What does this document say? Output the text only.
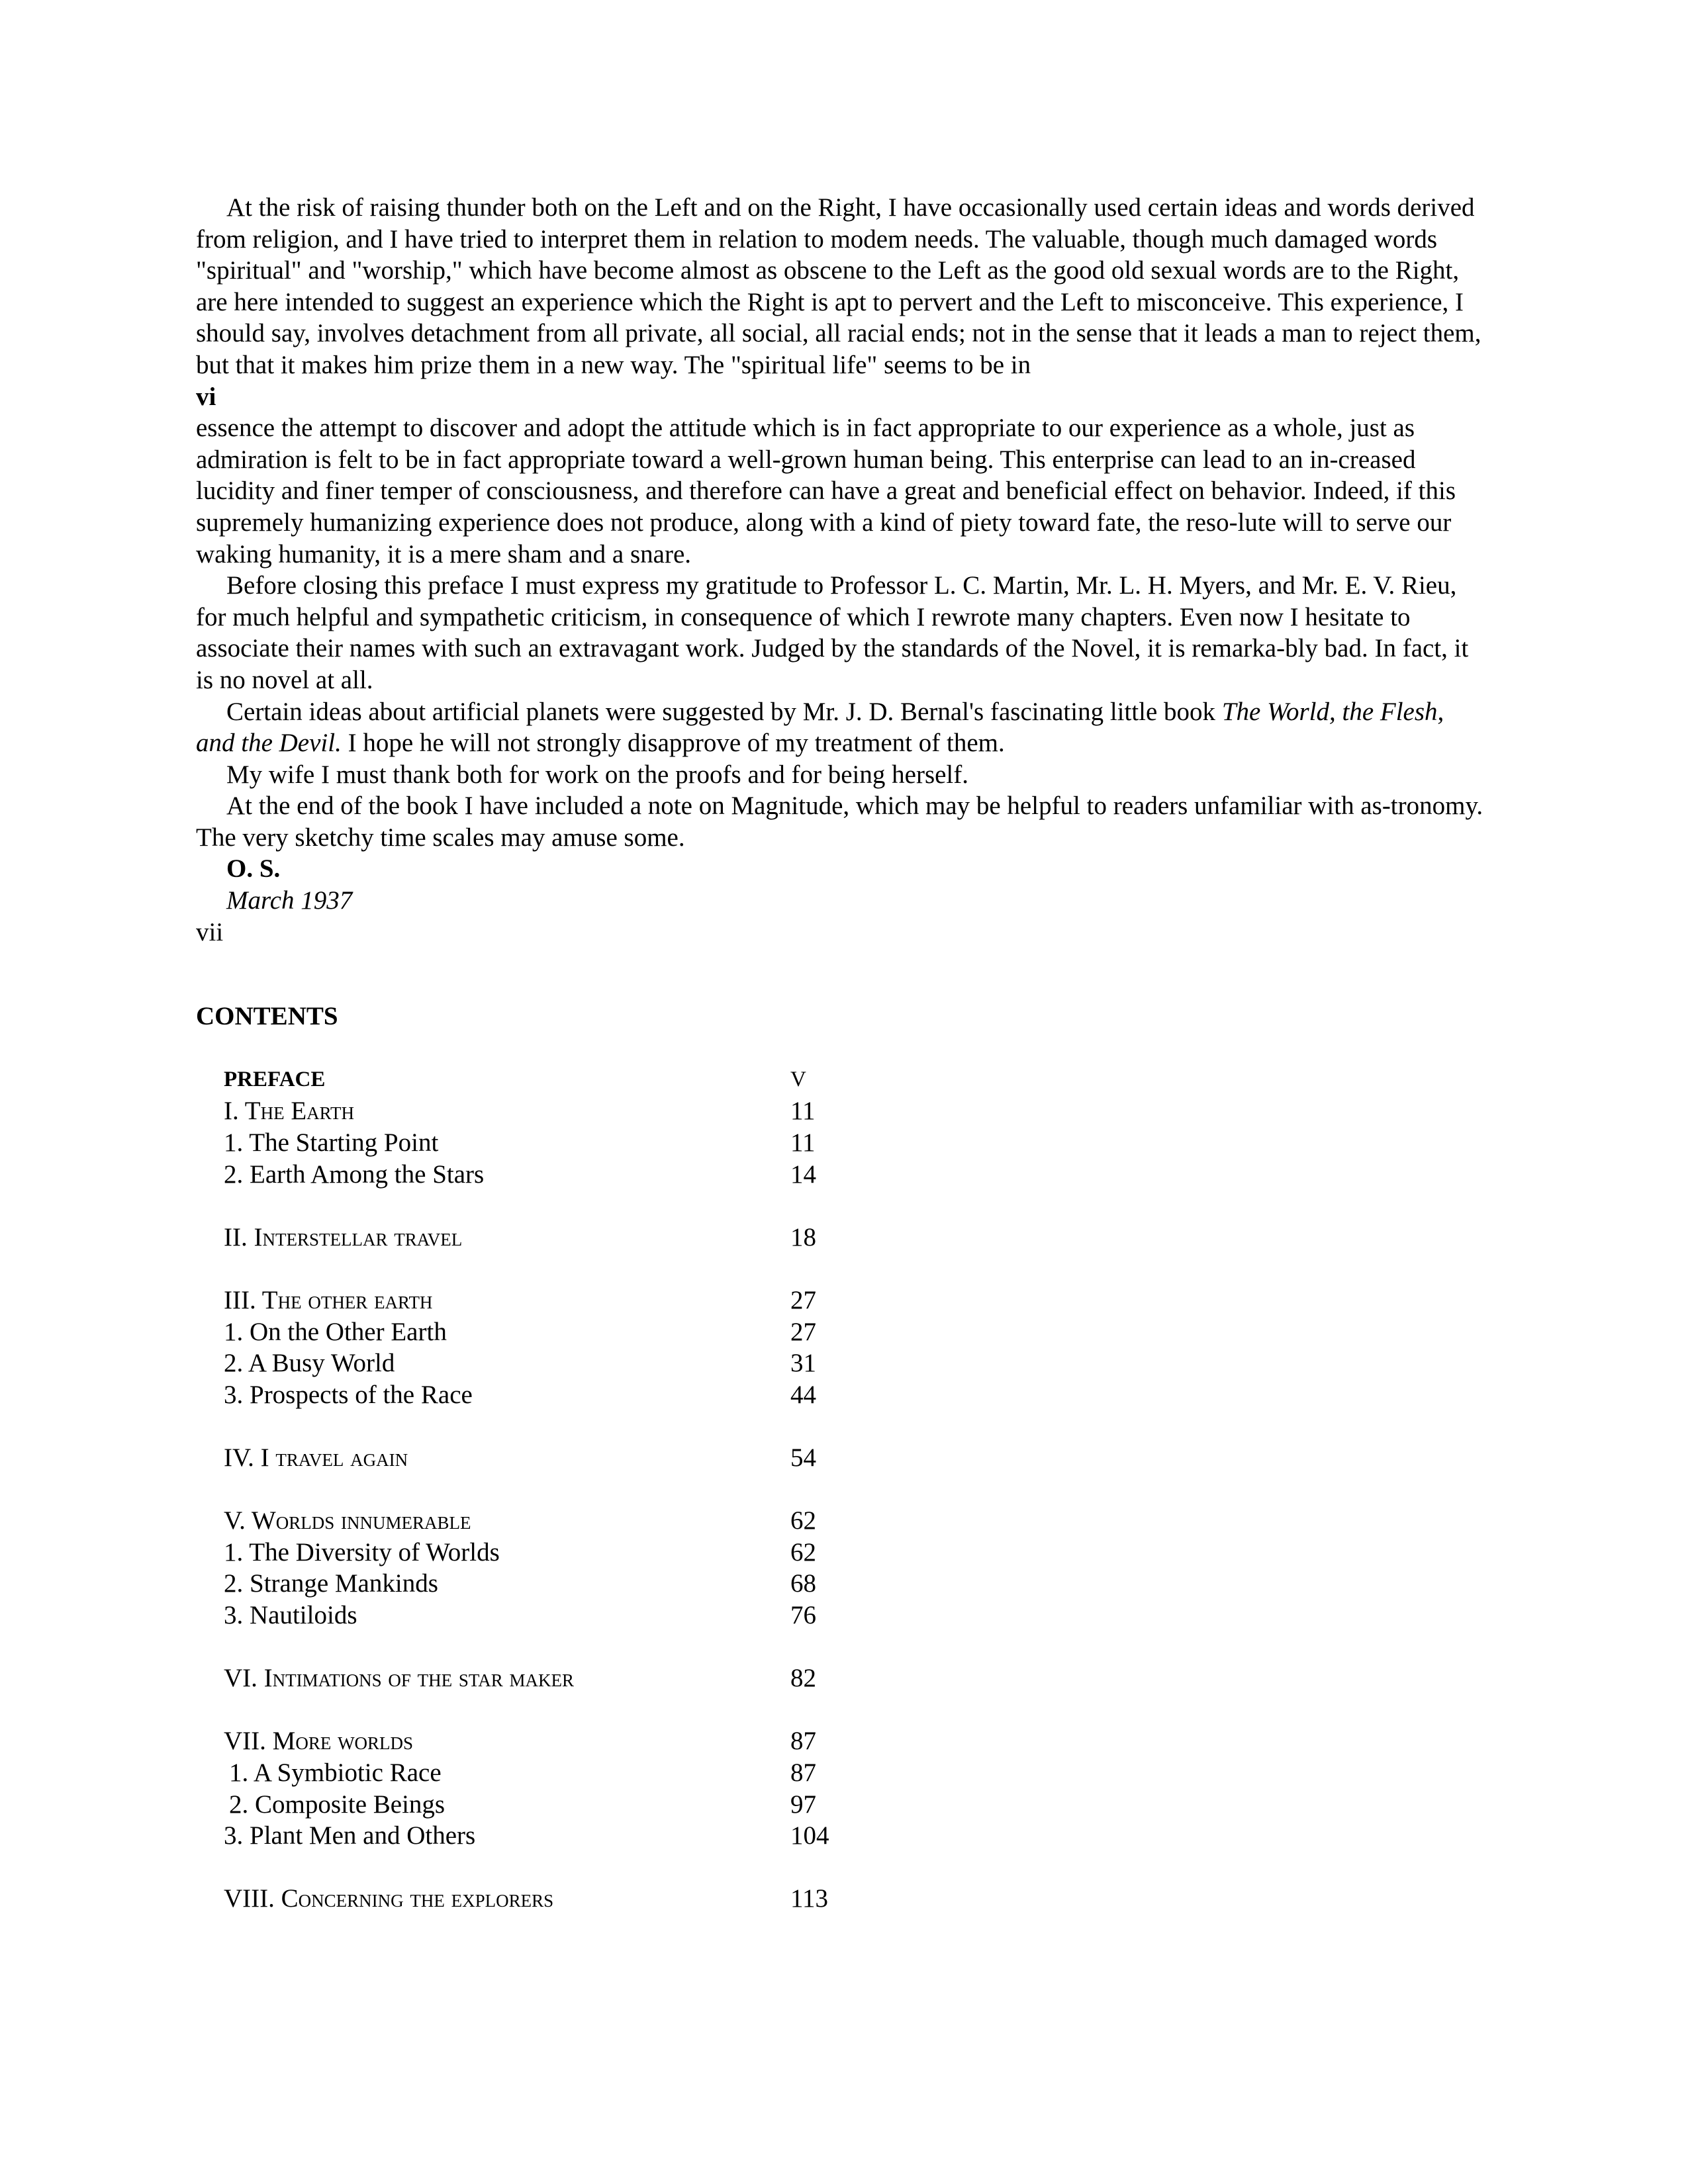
At the risk of raising thunder both on the Left and on the Right, I have occasionally used certain ideas and words derived from religion, and I have tried to interpret them in relation to modem needs. The valuable, though much damaged words "spiritual" and "worship," which have become almost as obscene to the Left as the good old sexual words are to the Right, are here intended to suggest an experience which the Right is apt to pervert and the Left to misconceive. This experience, I should say, involves detachment from all private, all social, all racial ends; not in the sense that it leads a man to reject them, but that it makes him prize them in a new way. The "spiritual life" seems to be in

vi

essence the attempt to discover and adopt the attitude which is in fact appropriate to our experience as a whole, just as admiration is felt to be in fact appropriate toward a well-grown human being. This enterprise can lead to an in-creased lucidity and finer temper of consciousness, and therefore can have a great and beneficial effect on behavior. Indeed, if this supremely humanizing experience does not produce, along with a kind of piety toward fate, the reso-lute will to serve our waking humanity, it is a mere sham and a snare.

Before closing this preface I must express my gratitude to Professor L. C. Martin, Mr. L. H. Myers, and Mr. E. V. Rieu, for much helpful and sympathetic criticism, in consequence of which I rewrote many chapters. Even now I hesitate to associate their names with such an extravagant work. Judged by the standards of the Novel, it is remarka-bly bad. In fact, it is no novel at all.

Certain ideas about artificial planets were suggested by Mr. J. D. Bernal's fascinating little book The World, the Flesh, and the Devil. I hope he will not strongly disapprove of my treatment of them.

My wife I must thank both for work on the proofs and for being herself.

At the end of the book I have included a note on Magnitude, which may be helpful to readers unfamiliar with as-tronomy. The very sketchy time scales may amuse some.

O. S.

March 1937

vii

CONTENTS
PREFACE	V
I. The Earth	11
1. The Starting Point	11
2. Earth Among the Stars	14
II. Interstellar travel	18
III. The other earth	27
1. On the Other Earth	27
2. A Busy World	31
3. Prospects of the Race	44
IV. I travel again	54
V. Worlds innumerable	62
1. The Diversity of Worlds	62
2. Strange Mankinds	68
3. Nautiloids	76
VI. Intimations of the star maker	82
VII. More worlds	87
1. A Symbiotic Race	87
2. Composite Beings	97
3. Plant Men and Others	104
VIII. Concerning the explorers	113
